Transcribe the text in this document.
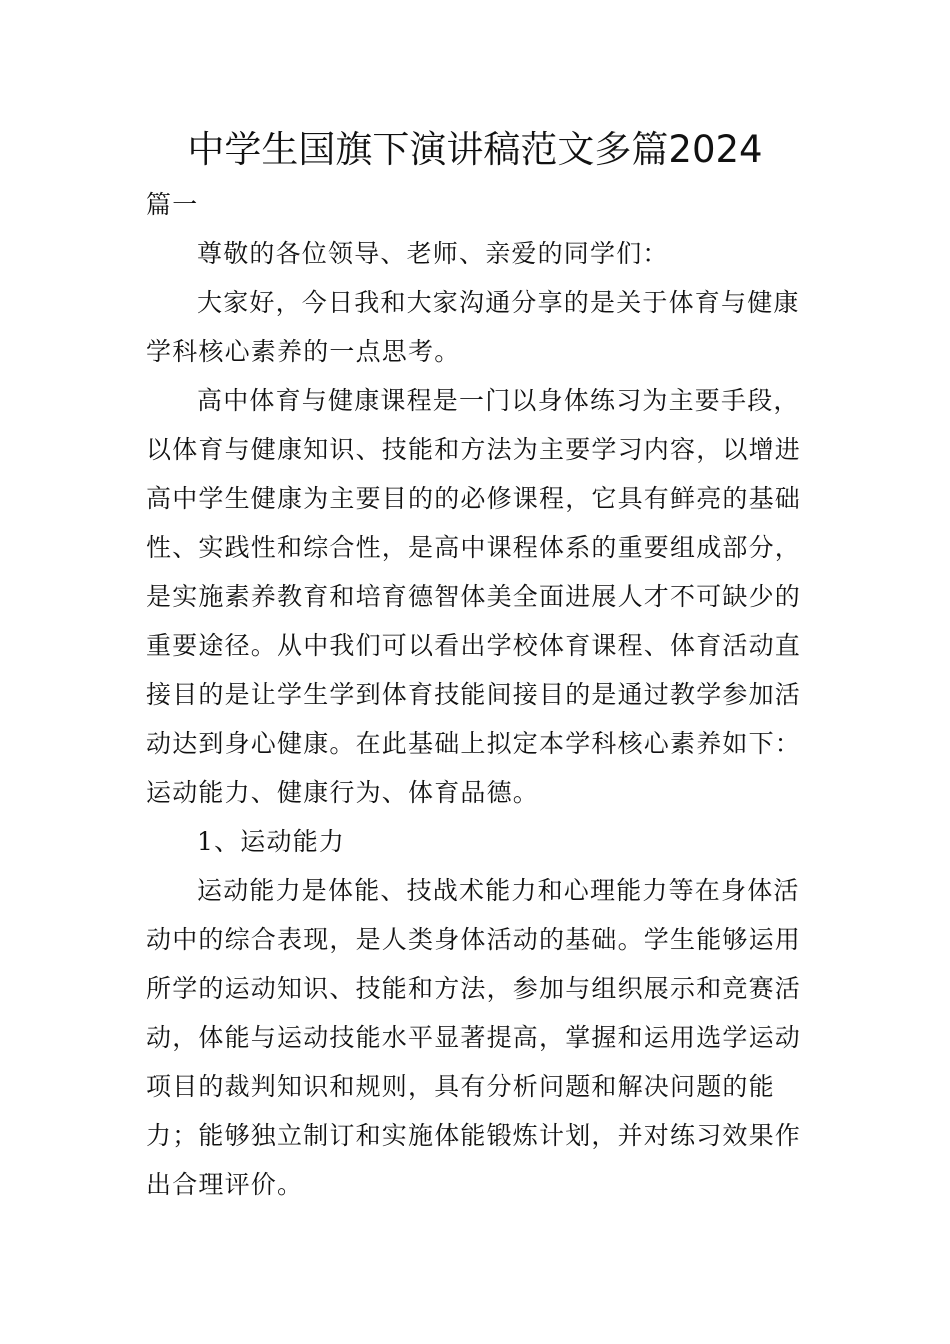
中学生国旗下演讲稿范文多篇2024

篇一

尊敬的各位领导、老师、亲爱的同学们：

大家好，今日我和大家沟通分享的是关于体育与健康学科核心素养的一点思考。

高中体育与健康课程是一门以身体练习为主要手段，以体育与健康知识、技能和方法为主要学习内容，以增进高中学生健康为主要目的的必修课程，它具有鲜亮的基础性、实践性和综合性，是高中课程体系的重要组成部分，是实施素养教育和培育德智体美全面进展人才不可缺少的重要途径。从中我们可以看出学校体育课程、体育活动直接目的是让学生学到体育技能间接目的是通过教学参加活动达到身心健康。在此基础上拟定本学科核心素养如下：运动能力、健康行为、体育品德。

1、运动能力

运动能力是体能、技战术能力和心理能力等在身体活动中的综合表现，是人类身体活动的基础。学生能够运用所学的运动知识、技能和方法，参加与组织展示和竞赛活动，体能与运动技能水平显著提高，掌握和运用选学运动项目的裁判知识和规则，具有分析问题和解决问题的能力；能够独立制订和实施体能锻炼计划，并对练习效果作出合理评价。
